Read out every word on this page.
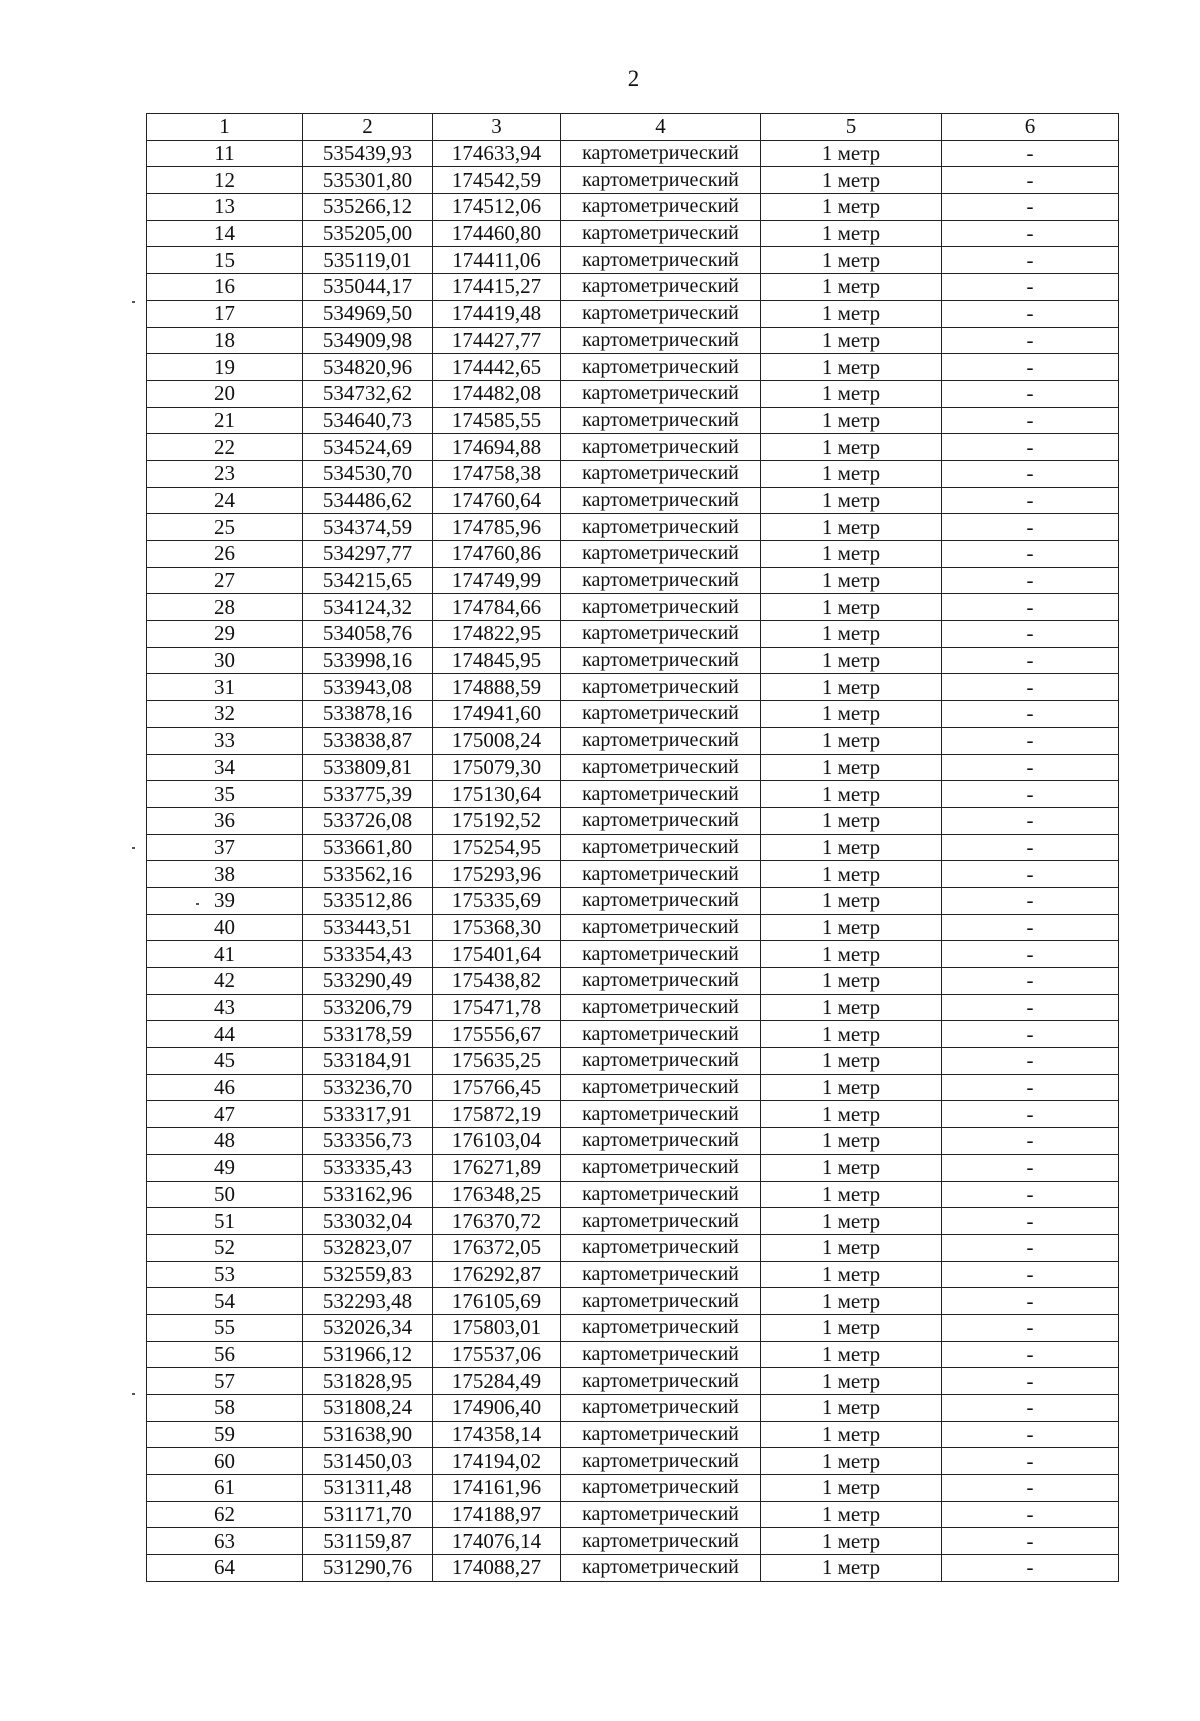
2
1	2	3	4	5	6
11	535439,93	174633,94	картометрический	1 метр	-
12	535301,80	174542,59	картометрический	1 метр	-
13	535266,12	174512,06	картометрический	1 метр	-
14	535205,00	174460,80	картометрический	1 метр	-
15	535119,01	174411,06	картометрический	1 метр	-
16	535044,17	174415,27	картометрический	1 метр	-
17	534969,50	174419,48	картометрический	1 метр	-
18	534909,98	174427,77	картометрический	1 метр	-
19	534820,96	174442,65	картометрический	1 метр	-
20	534732,62	174482,08	картометрический	1 метр	-
21	534640,73	174585,55	картометрический	1 метр	-
22	534524,69	174694,88	картометрический	1 метр	-
23	534530,70	174758,38	картометрический	1 метр	-
24	534486,62	174760,64	картометрический	1 метр	-
25	534374,59	174785,96	картометрический	1 метр	-
26	534297,77	174760,86	картометрический	1 метр	-
27	534215,65	174749,99	картометрический	1 метр	-
28	534124,32	174784,66	картометрический	1 метр	-
29	534058,76	174822,95	картометрический	1 метр	-
30	533998,16	174845,95	картометрический	1 метр	-
31	533943,08	174888,59	картометрический	1 метр	-
32	533878,16	174941,60	картометрический	1 метр	-
33	533838,87	175008,24	картометрический	1 метр	-
34	533809,81	175079,30	картометрический	1 метр	-
35	533775,39	175130,64	картометрический	1 метр	-
36	533726,08	175192,52	картометрический	1 метр	-
37	533661,80	175254,95	картометрический	1 метр	-
38	533562,16	175293,96	картометрический	1 метр	-
39	533512,86	175335,69	картометрический	1 метр	-
40	533443,51	175368,30	картометрический	1 метр	-
41	533354,43	175401,64	картометрический	1 метр	-
42	533290,49	175438,82	картометрический	1 метр	-
43	533206,79	175471,78	картометрический	1 метр	-
44	533178,59	175556,67	картометрический	1 метр	-
45	533184,91	175635,25	картометрический	1 метр	-
46	533236,70	175766,45	картометрический	1 метр	-
47	533317,91	175872,19	картометрический	1 метр	-
48	533356,73	176103,04	картометрический	1 метр	-
49	533335,43	176271,89	картометрический	1 метр	-
50	533162,96	176348,25	картометрический	1 метр	-
51	533032,04	176370,72	картометрический	1 метр	-
52	532823,07	176372,05	картометрический	1 метр	-
53	532559,83	176292,87	картометрический	1 метр	-
54	532293,48	176105,69	картометрический	1 метр	-
55	532026,34	175803,01	картометрический	1 метр	-
56	531966,12	175537,06	картометрический	1 метр	-
57	531828,95	175284,49	картометрический	1 метр	-
58	531808,24	174906,40	картометрический	1 метр	-
59	531638,90	174358,14	картометрический	1 метр	-
60	531450,03	174194,02	картометрический	1 метр	-
61	531311,48	174161,96	картометрический	1 метр	-
62	531171,70	174188,97	картометрический	1 метр	-
63	531159,87	174076,14	картометрический	1 метр	-
64	531290,76	174088,27	картометрический	1 метр	-
